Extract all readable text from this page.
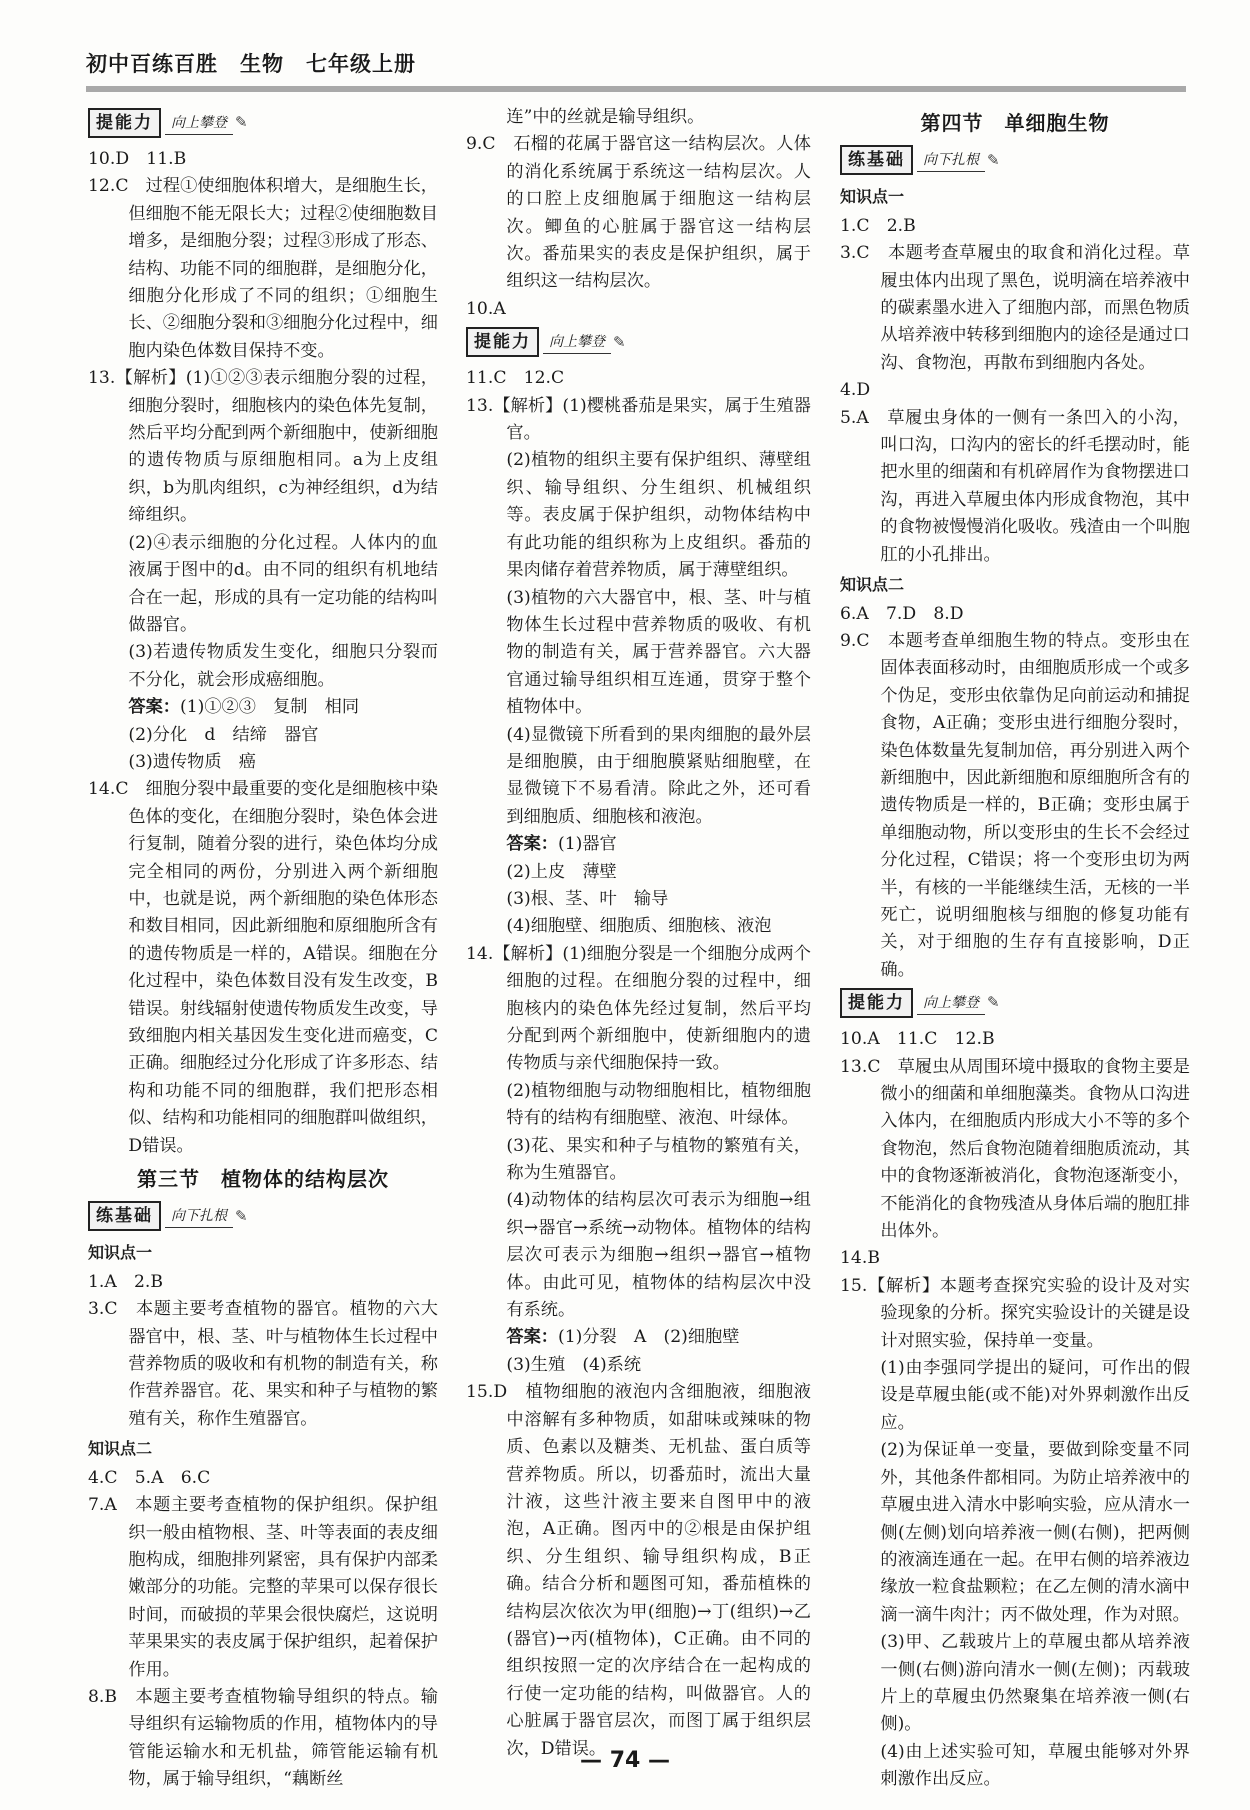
初中百练百胜 生物 七年级上册
提能力	向上攀登 ✎

10.D　11.B

12.C　过程①使细胞体积增大，是细胞生长，但细胞不能无限长大；过程②使细胞数目增多，是细胞分裂；过程③形成了形态、结构、功能不同的细胞群，是细胞分化，细胞分化形成了不同的组织；①细胞生长、②细胞分裂和③细胞分化过程中，细胞内染色体数目保持不变。

13.【解析】(1)①②③表示细胞分裂的过程，细胞分裂时，细胞核内的染色体先复制，然后平均分配到两个新细胞中，使新细胞的遗传物质与原细胞相同。a为上皮组织，b为肌肉组织，c为神经组织，d为结缔组织。

(2)④表示细胞的分化过程。人体内的血液属于图中的d。由不同的组织有机地结合在一起，形成的具有一定功能的结构叫做器官。

(3)若遗传物质发生变化，细胞只分裂而不分化，就会形成癌细胞。

答案：(1)①②③　复制　相同

(2)分化　d　结缔　器官

(3)遗传物质　癌

14.C　细胞分裂中最重要的变化是细胞核中染色体的变化，在细胞分裂时，染色体会进行复制，随着分裂的进行，染色体均分成完全相同的两份，分别进入两个新细胞中，也就是说，两个新细胞的染色体形态和数目相同，因此新细胞和原细胞所含有的遗传物质是一样的，A错误。细胞在分化过程中，染色体数目没有发生改变，B错误。射线辐射使遗传物质发生改变，导致细胞内相关基因发生变化进而癌变，C正确。细胞经过分化形成了许多形态、结构和功能不同的细胞群，我们把形态相似、结构和功能相同的细胞群叫做组织，D错误。

第三节　植物体的结构层次

练基础	向下扎根 ✎

知识点一

1.A　2.B

3.C　本题主要考查植物的器官。植物的六大器官中，根、茎、叶与植物体生长过程中营养物质的吸收和有机物的制造有关，称作营养器官。花、果实和种子与植物的繁殖有关，称作生殖器官。

知识点二

4.C　5.A　6.C

7.A　本题主要考查植物的保护组织。保护组织一般由植物根、茎、叶等表面的表皮细胞构成，细胞排列紧密，具有保护内部柔嫩部分的功能。完整的苹果可以保存很长时间，而破损的苹果会很快腐烂，这说明苹果果实的表皮属于保护组织，起着保护作用。

8.B　本题主要考查植物输导组织的特点。输导组织有运输物质的作用，植物体内的导管能运输水和无机盐，筛管能运输有机物，属于输导组织，“藕断丝

连”中的丝就是输导组织。

9.C　石榴的花属于器官这一结构层次。人体的消化系统属于系统这一结构层次。人的口腔上皮细胞属于细胞这一结构层次。鲫鱼的心脏属于器官这一结构层次。番茄果实的表皮是保护组织，属于组织这一结构层次。

10.A

提能力	向上攀登 ✎

11.C　12.C

13.【解析】(1)樱桃番茄是果实，属于生殖器官。

(2)植物的组织主要有保护组织、薄壁组织、输导组织、分生组织、机械组织等。表皮属于保护组织，动物体结构中有此功能的组织称为上皮组织。番茄的果肉储存着营养物质，属于薄壁组织。

(3)植物的六大器官中，根、茎、叶与植物体生长过程中营养物质的吸收、有机物的制造有关，属于营养器官。六大器官通过输导组织相互连通，贯穿于整个植物体中。

(4)显微镜下所看到的果肉细胞的最外层是细胞膜，由于细胞膜紧贴细胞壁，在显微镜下不易看清。除此之外，还可看到细胞质、细胞核和液泡。

答案：(1)器官

(2)上皮　薄壁

(3)根、茎、叶　输导

(4)细胞壁、细胞质、细胞核、液泡

14.【解析】(1)细胞分裂是一个细胞分成两个细胞的过程。在细胞分裂的过程中，细胞核内的染色体先经过复制，然后平均分配到两个新细胞中，使新细胞内的遗传物质与亲代细胞保持一致。

(2)植物细胞与动物细胞相比，植物细胞特有的结构有细胞壁、液泡、叶绿体。

(3)花、果实和种子与植物的繁殖有关，称为生殖器官。

(4)动物体的结构层次可表示为细胞→组织→器官→系统→动物体。植物体的结构层次可表示为细胞→组织→器官→植物体。由此可见，植物体的结构层次中没有系统。

答案：(1)分裂　A　(2)细胞壁

(3)生殖　(4)系统

15.D　植物细胞的液泡内含细胞液，细胞液中溶解有多种物质，如甜味或辣味的物质、色素以及糖类、无机盐、蛋白质等营养物质。所以，切番茄时，流出大量汁液，这些汁液主要来自图甲中的液泡，A正确。图丙中的②根是由保护组织、分生组织、输导组织构成，B正确。结合分析和题图可知，番茄植株的结构层次依次为甲(细胞)→丁(组织)→乙(器官)→丙(植物体)，C正确。由不同的组织按照一定的次序结合在一起构成的行使一定功能的结构，叫做器官。人的心脏属于器官层次，而图丁属于组织层次，D错误。

第四节　单细胞生物

练基础	向下扎根 ✎

知识点一

1.C　2.B

3.C　本题考查草履虫的取食和消化过程。草履虫体内出现了黑色，说明滴在培养液中的碳素墨水进入了细胞内部，而黑色物质从培养液中转移到细胞内的途径是通过口沟、食物泡，再散布到细胞内各处。

4.D

5.A　草履虫身体的一侧有一条凹入的小沟，叫口沟，口沟内的密长的纤毛摆动时，能把水里的细菌和有机碎屑作为食物摆进口沟，再进入草履虫体内形成食物泡，其中的食物被慢慢消化吸收。残渣由一个叫胞肛的小孔排出。

知识点二

6.A　7.D　8.D

9.C　本题考查单细胞生物的特点。变形虫在固体表面移动时，由细胞质形成一个或多个伪足，变形虫依靠伪足向前运动和捕捉食物，A正确；变形虫进行细胞分裂时，染色体数量先复制加倍，再分别进入两个新细胞中，因此新细胞和原细胞所含有的遗传物质是一样的，B正确；变形虫属于单细胞动物，所以变形虫的生长不会经过分化过程，C错误；将一个变形虫切为两半，有核的一半能继续生活，无核的一半死亡，说明细胞核与细胞的修复功能有关，对于细胞的生存有直接影响，D正确。

提能力	向上攀登 ✎

10.A　11.C　12.B

13.C　草履虫从周围环境中摄取的食物主要是微小的细菌和单细胞藻类。食物从口沟进入体内，在细胞质内形成大小不等的多个食物泡，然后食物泡随着细胞质流动，其中的食物逐渐被消化，食物泡逐渐变小，不能消化的食物残渣从身体后端的胞肛排出体外。

14.B

15.【解析】本题考查探究实验的设计及对实验现象的分析。探究实验设计的关键是设计对照实验，保持单一变量。

(1)由李强同学提出的疑问，可作出的假设是草履虫能(或不能)对外界刺激作出反应。

(2)为保证单一变量，要做到除变量不同外，其他条件都相同。为防止培养液中的草履虫进入清水中影响实验，应从清水一侧(左侧)划向培养液一侧(右侧)，把两侧的液滴连通在一起。在甲右侧的培养液边缘放一粒食盐颗粒；在乙左侧的清水滴中滴一滴牛肉汁；丙不做处理，作为对照。

(3)甲、乙载玻片上的草履虫都从培养液一侧(右侧)游向清水一侧(左侧)；丙载玻片上的草履虫仍然聚集在培养液一侧(右侧)。

(4)由上述实验可知，草履虫能够对外界刺激作出反应。

— 74 —
